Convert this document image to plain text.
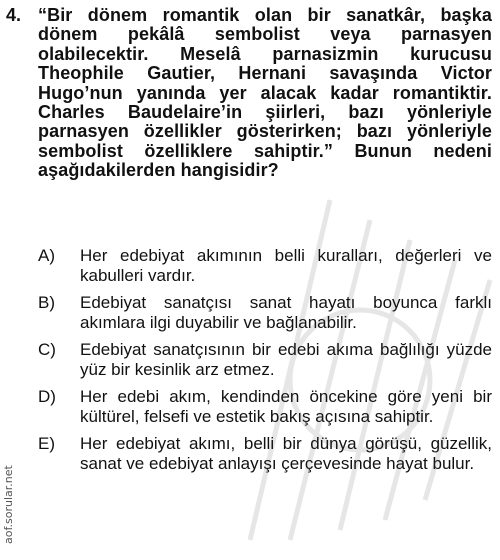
4. “Bir dönem romantik olan bir sanatkâr, başka dönem pekâlâ sembolist veya parnasyen olabilecektir. Meselâ parnasizmin kurucusu Theophile Gautier, Hernani savaşında Victor Hugo’nun yanında yer alacak kadar romantiktir. Charles Baudelaire’in şiirleri, bazı yönleriyle parnasyen özellikler gösterirken; bazı yönleriyle sembolist özelliklere sahiptir.” Bunun nedeni aşağıdakilerden hangisidir?
A) Her edebiyat akımının belli kuralları, değerleri ve kabulleri vardır.
B) Edebiyat sanatçısı sanat hayatı boyunca farklı akımlara ilgi duyabilir ve bağlanabilir.
C) Edebiyat sanatçısının bir edebi akıma bağlılığı yüzde yüz bir kesinlik arz etmez.
D) Her edebi akım, kendinden öncekine göre yeni bir kültürel, felsefi ve estetik bakış açısına sahiptir.
E) Her edebiyat akımı, belli bir dünya görüşü, güzellik, sanat ve edebiyat anlayışı çerçevesinde hayat bulur.
aof.sorular.net
